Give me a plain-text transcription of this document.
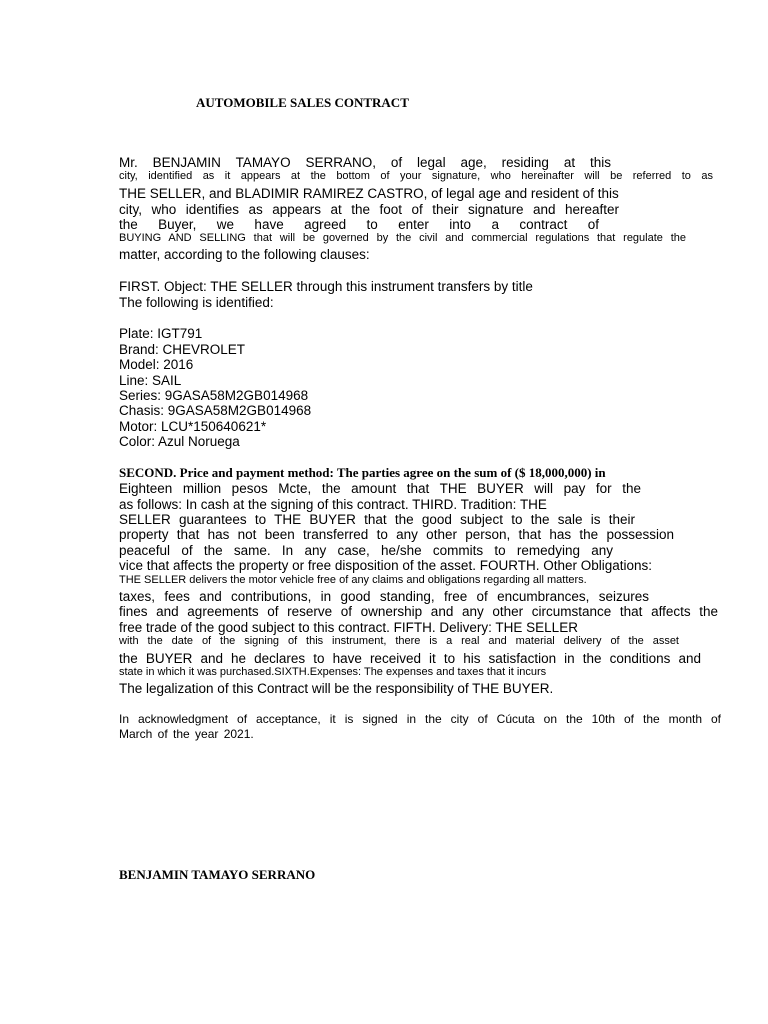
AUTOMOBILE SALES CONTRACT
Mr. BENJAMIN TAMAYO SERRANO, of legal age, residing at this
city, identified as it appears at the bottom of your signature, who hereinafter will be referred to as
THE SELLER, and BLADIMIR RAMIREZ CASTRO, of legal age and resident of this
city, who identifies as appears at the foot of their signature and hereafter
the Buyer, we have agreed to enter into a contract of
BUYING AND SELLING that will be governed by the civil and commercial regulations that regulate the
matter, according to the following clauses:
FIRST. Object: THE SELLER through this instrument transfers by title
The following is identified:
Plate: IGT791
Brand: CHEVROLET
Model: 2016
Line: SAIL
Series: 9GASA58M2GB014968
Chasis: 9GASA58M2GB014968
Motor: LCU*150640621*
Color: Azul Noruega
SECOND. Price and payment method: The parties agree on the sum of ($ 18,000,000) in
Eighteen million pesos Mcte, the amount that THE BUYER will pay for the
as follows: In cash at the signing of this contract. THIRD. Tradition: THE
SELLER guarantees to THE BUYER that the good subject to the sale is their
property that has not been transferred to any other person, that has the possession
peaceful of the same. In any case, he/she commits to remedying any
vice that affects the property or free disposition of the asset. FOURTH. Other Obligations:
THE SELLER delivers the motor vehicle free of any claims and obligations regarding all matters.
taxes, fees and contributions, in good standing, free of encumbrances, seizures
fines and agreements of reserve of ownership and any other circumstance that affects the
free trade of the good subject to this contract. FIFTH. Delivery: THE SELLER
with the date of the signing of this instrument, there is a real and material delivery of the asset
the BUYER and he declares to have received it to his satisfaction in the conditions and
state in which it was purchased.SIXTH.Expenses: The expenses and taxes that it incurs
The legalization of this Contract will be the responsibility of THE BUYER.
In acknowledgment of acceptance, it is signed in the city of Cúcuta on the 10th of the month of
March of the year 2021.
BENJAMIN TAMAYO SERRANO
